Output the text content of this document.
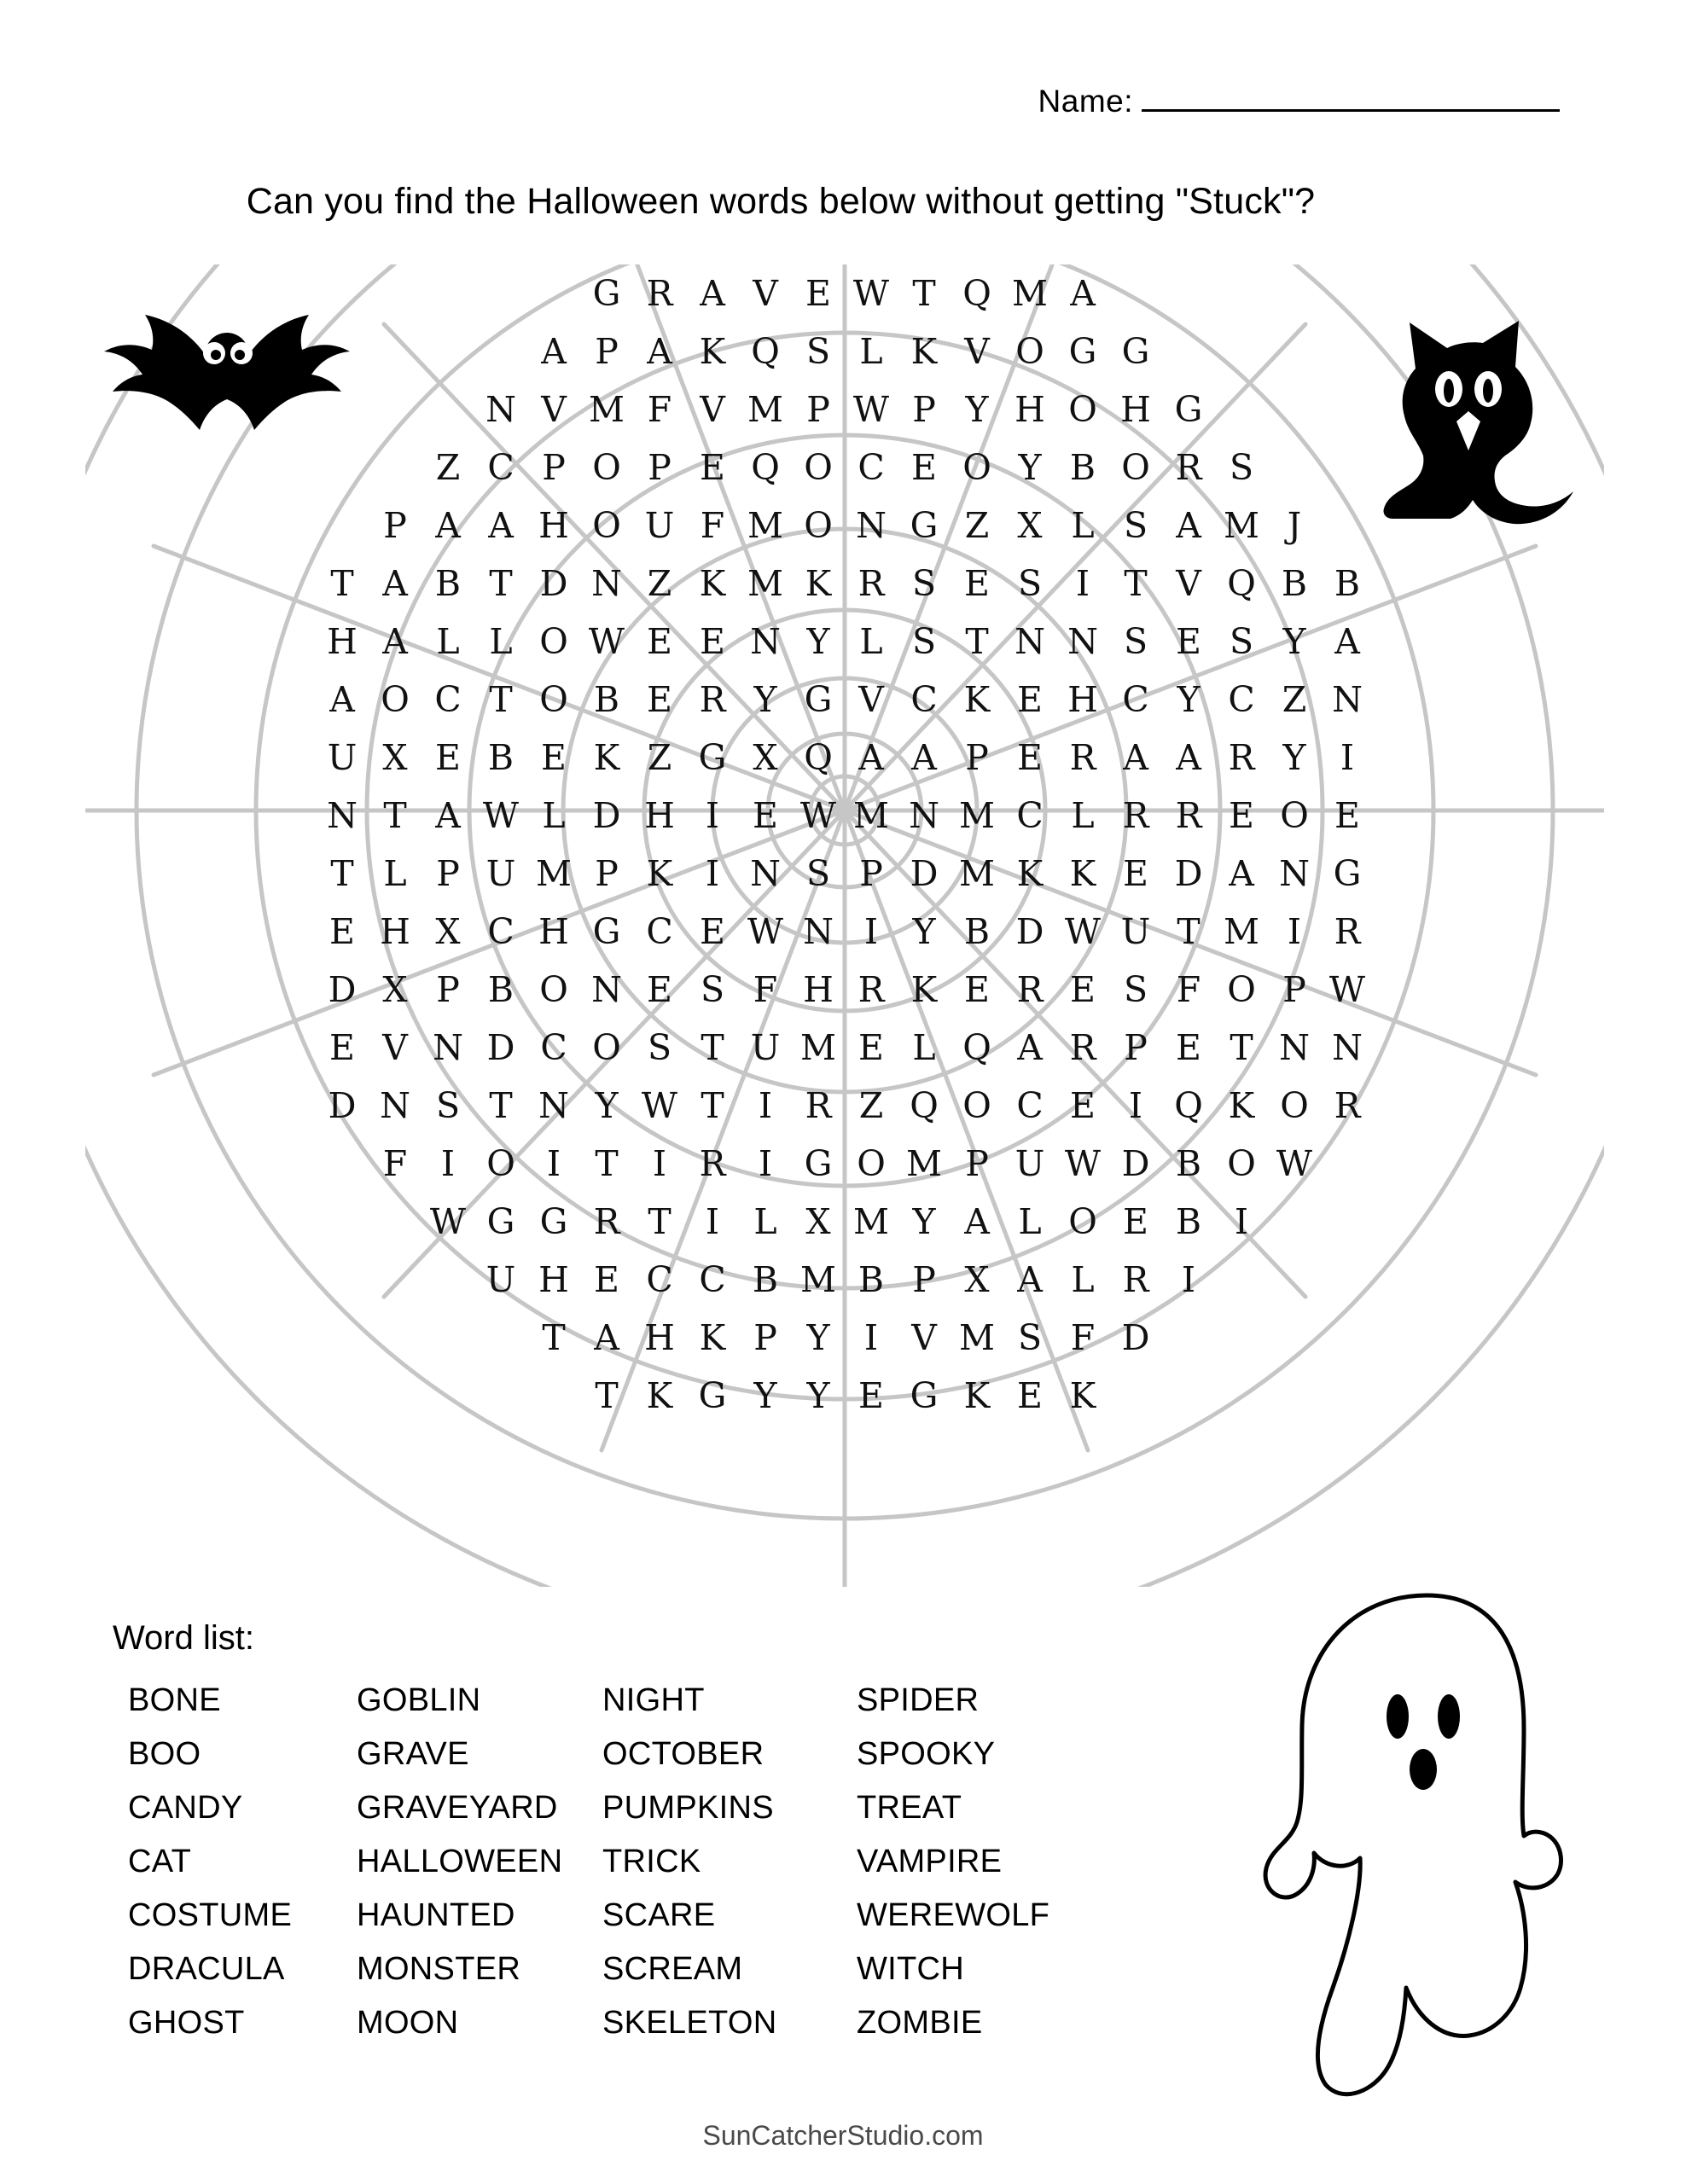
Name:
Can you find the Halloween words below without getting "Stuck"?
G R A V E W T Q M A
A P A K Q S L K V O G G
N V M F V M P W P Y H O H G
Z C P O P E Q O C E O Y B O R S
P A A H O U F M O N G Z X L S A M J
T A B T D N Z K M K R S E S I T V Q B B
H A L L O W E E N Y L S T N N S E S Y A
A O C T O B E R Y G V C K E H C Y C Z N
U X E B E K Z G X Q A A P E R A A R Y I
N T A W L D H I E W M N M C L R R E O E
T L P U M P K I N S P D M K K E D A N G
E H X C H G C E W N I Y B D W U T M I R
D X P B O N E S F H R K E R E S F O P W
E V N D C O S T U M E L Q A R P E T N N
D N S T N Y W T I R Z Q O C E I Q K O R
F I O I T I R I G O M P U W D B O W
W G G R T I L X M Y A L O E B I
U H E C C B M B P X A L R I
T A H K P Y I V M S F D
T K G Y Y E G K E K
Word list:
BONE
BOO
CANDY
CAT
COSTUME
DRACULA
GHOST
GOBLIN
GRAVE
GRAVEYARD
HALLOWEEN
HAUNTED
MONSTER
MOON
NIGHT
OCTOBER
PUMPKINS
TRICK
SCARE
SCREAM
SKELETON
SPIDER
SPOOKY
TREAT
VAMPIRE
WEREWOLF
WITCH
ZOMBIE
SunCatcherStudio.com
